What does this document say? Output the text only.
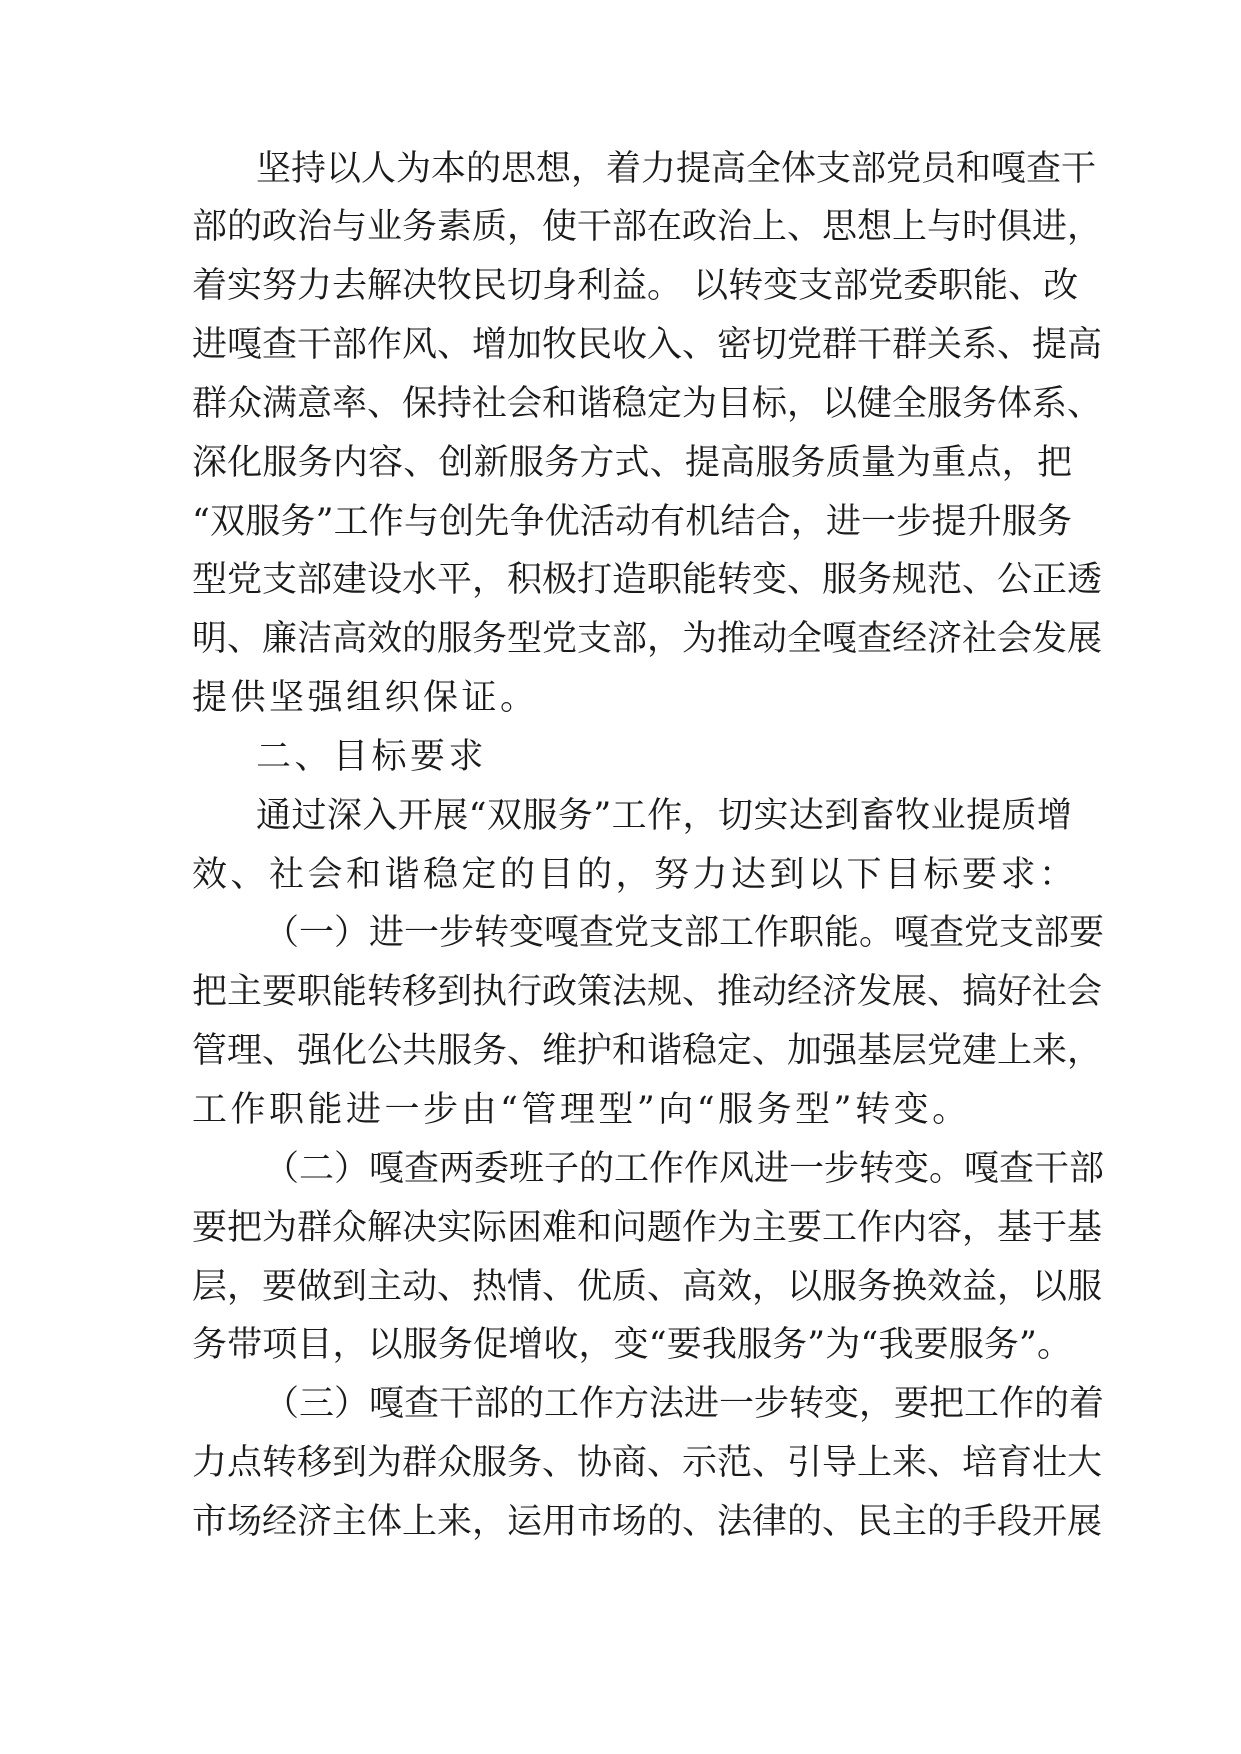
坚持以人为本的思想，着力提高全体支部党员和嘎查干
部的政治与业务素质，使干部在政治上、思想上与时俱进，
着实努力去解决牧民切身利益。 以转变支部党委职能、改
进嘎查干部作风、增加牧民收入、密切党群干群关系、提高
群众满意率、保持社会和谐稳定为目标，以健全服务体系、
深化服务内容、创新服务方式、提高服务质量为重点，把
“双服务”工作与创先争优活动有机结合，进一步提升服务
型党支部建设水平，积极打造职能转变、服务规范、公正透
明、廉洁高效的服务型党支部，为推动全嘎查经济社会发展
提供坚强组织保证。
二、目标要求
通过深入开展“双服务”工作，切实达到畜牧业提质增
效、社会和谐稳定的目的，努力达到以下目标要求：
（一）进一步转变嘎查党支部工作职能。嘎查党支部要
把主要职能转移到执行政策法规、推动经济发展、搞好社会
管理、强化公共服务、维护和谐稳定、加强基层党建上来，
工作职能进一步由“管理型”向“服务型”转变。
（二）嘎查两委班子的工作作风进一步转变。嘎查干部
要把为群众解决实际困难和问题作为主要工作内容，基于基
层，要做到主动、热情、优质、高效，以服务换效益，以服
务带项目，以服务促增收，变“要我服务”为“我要服务”。
（三）嘎查干部的工作方法进一步转变，要把工作的着
力点转移到为群众服务、协商、示范、引导上来、培育壮大
市场经济主体上来，运用市场的、法律的、民主的手段开展
